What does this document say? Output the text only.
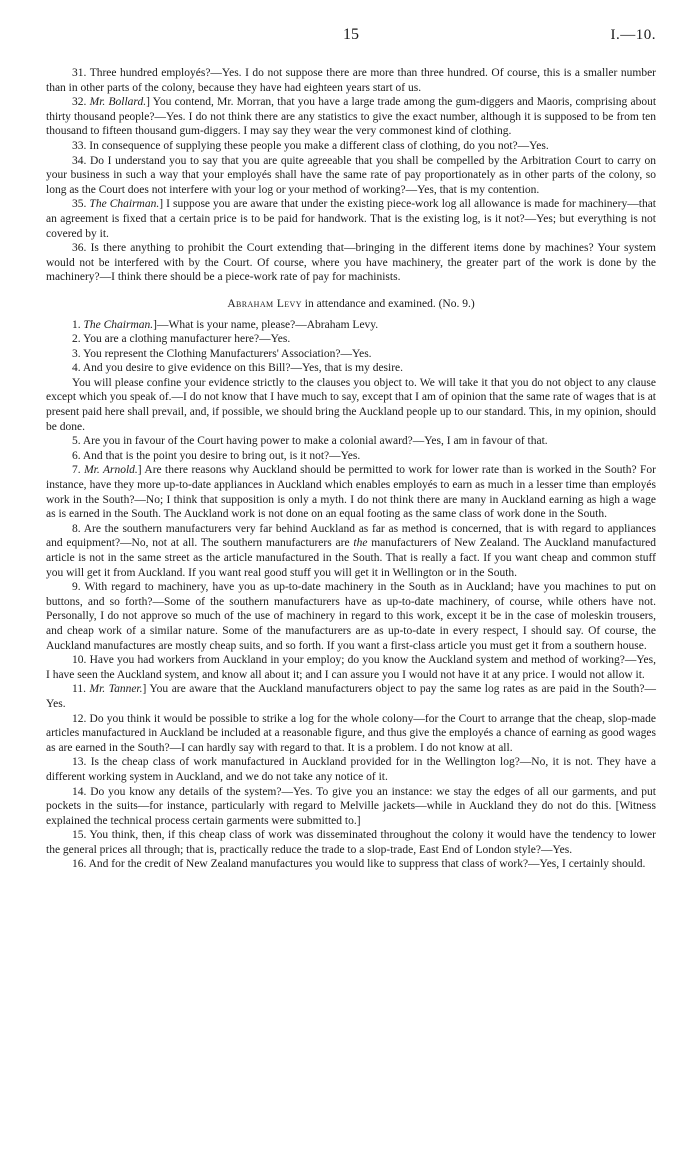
15	I.—10.

31. Three hundred employés?—Yes. I do not suppose there are more than three hundred. Of course, this is a smaller number than in other parts of the colony, because they have had eighteen years start of us.

32. Mr. Bollard.] You contend, Mr. Morran, that you have a large trade among the gum-diggers and Maoris, comprising about thirty thousand people?—Yes. I do not think there are any statistics to give the exact number, although it is supposed to be from ten thousand to fifteen thousand gum-diggers. I may say they wear the very commonest kind of clothing.

33. In consequence of supplying these people you make a different class of clothing, do you not?—Yes.

34. Do I understand you to say that you are quite agreeable that you shall be compelled by the Arbitration Court to carry on your business in such a way that your employés shall have the same rate of pay proportionately as in other parts of the colony, so long as the Court does not interfere with your log or your method of working?—Yes, that is my contention.

35. The Chairman.] I suppose you are aware that under the existing piece-work log all allowance is made for machinery—that an agreement is fixed that a certain price is to be paid for handwork. That is the existing log, is it not?—Yes; but everything is not covered by it.

36. Is there anything to prohibit the Court extending that—bringing in the different items done by machines? Your system would not be interfered with by the Court. Of course, where you have machinery, the greater part of the work is done by the machinery?—I think there should be a piece-work rate of pay for machinists.

Abraham Levy in attendance and examined. (No. 9.)

1. The Chairman.]—What is your name, please?—Abraham Levy.

2. You are a clothing manufacturer here?—Yes.

3. You represent the Clothing Manufacturers' Association?—Yes.

4. And you desire to give evidence on this Bill?—Yes, that is my desire.

You will please confine your evidence strictly to the clauses you object to. We will take it that you do not object to any clause except which you speak of.—I do not know that I have much to say, except that I am of opinion that the same rate of wages that is at present paid here shall prevail, and, if possible, we should bring the Auckland people up to our standard. This, in my opinion, should be done.

5. Are you in favour of the Court having power to make a colonial award?—Yes, I am in favour of that.

6. And that is the point you desire to bring out, is it not?—Yes.

7. Mr. Arnold.] Are there reasons why Auckland should be permitted to work for lower rate than is worked in the South? For instance, have they more up-to-date appliances in Auckland which enables employés to earn as much in a lesser time than employés work in the South?—No; I think that supposition is only a myth. I do not think there are many in Auckland earning as high a wage as is earned in the South. The Auckland work is not done on an equal footing as the same class of work done in the South.

8. Are the southern manufacturers very far behind Auckland as far as method is concerned, that is with regard to appliances and equipment?—No, not at all. The southern manufacturers are the manufacturers of New Zealand. The Auckland manufactured article is not in the same street as the article manufactured in the South. That is really a fact. If you want cheap and common stuff you will get it from Auckland. If you want real good stuff you will get it in Wellington or in the South.

9. With regard to machinery, have you as up-to-date machinery in the South as in Auckland; have you machines to put on buttons, and so forth?—Some of the southern manufacturers have as up-to-date machinery, of course, while others have not. Personally, I do not approve so much of the use of machinery in regard to this work, except it be in the case of moleskin trousers, and cheap work of a similar nature. Some of the manufacturers are as up-to-date in every respect, I should say. Of course, the Auckland manufactures are mostly cheap suits, and so forth. If you want a first-class article you must get it from a southern house.

10. Have you had workers from Auckland in your employ; do you know the Auckland system and method of working?—Yes, I have seen the Auckland system, and know all about it; and I can assure you I would not have it at any price. I would not allow it.

11. Mr. Tanner.] You are aware that the Auckland manufacturers object to pay the same log rates as are paid in the South?—Yes.

12. Do you think it would be possible to strike a log for the whole colony—for the Court to arrange that the cheap, slop-made articles manufactured in Auckland be included at a reasonable figure, and thus give the employés a chance of earning as good wages as are earned in the South?—I can hardly say with regard to that. It is a problem. I do not know at all.

13. Is the cheap class of work manufactured in Auckland provided for in the Wellington log?—No, it is not. They have a different working system in Auckland, and we do not take any notice of it.

14. Do you know any details of the system?—Yes. To give you an instance: we stay the edges of all our garments, and put pockets in the suits—for instance, particularly with regard to Melville jackets—while in Auckland they do not do this. [Witness explained the technical process certain garments were submitted to.]

15. You think, then, if this cheap class of work was disseminated throughout the colony it would have the tendency to lower the general prices all through; that is, practically reduce the trade to a slop-trade, East End of London style?—Yes.

16. And for the credit of New Zealand manufactures you would like to suppress that class of work?—Yes, I certainly should.
